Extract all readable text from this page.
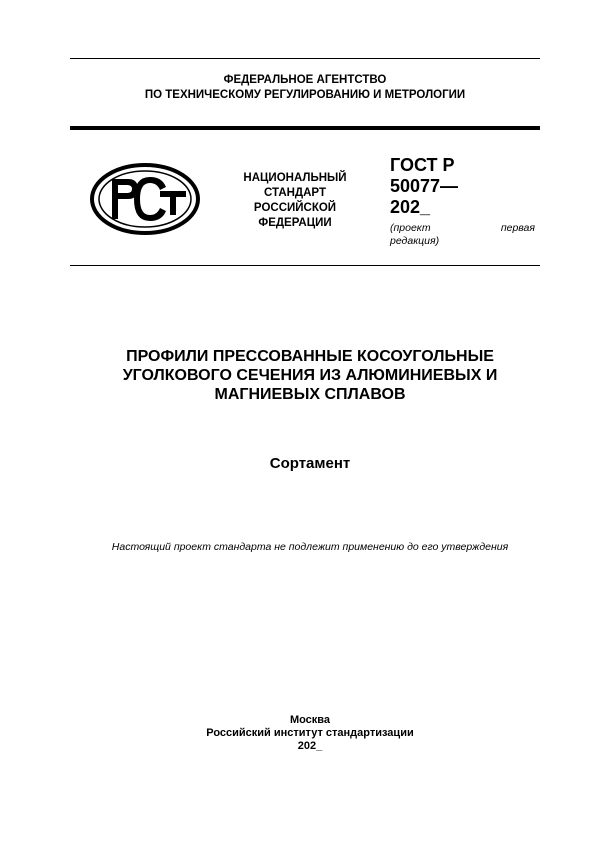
ФЕДЕРАЛЬНОЕ АГЕНТСТВО
ПО ТЕХНИЧЕСКОМУ РЕГУЛИРОВАНИЮ И МЕТРОЛОГИИ
НАЦИОНАЛЬНЫЙ
СТАНДАРТ
РОССИЙСКОЙ
ФЕДЕРАЦИИ
ГОСТ Р
50077—
202_
(проект	первая
редакция)
ПРОФИЛИ ПРЕССОВАННЫЕ КОСОУГОЛЬНЫЕ
УГОЛКОВОГО СЕЧЕНИЯ ИЗ АЛЮМИНИЕВЫХ И
МАГНИЕВЫХ СПЛАВОВ
Сортамент
Настоящий проект стандарта не подлежит применению до его утверждения
Москва
Российский институт стандартизации
202_
